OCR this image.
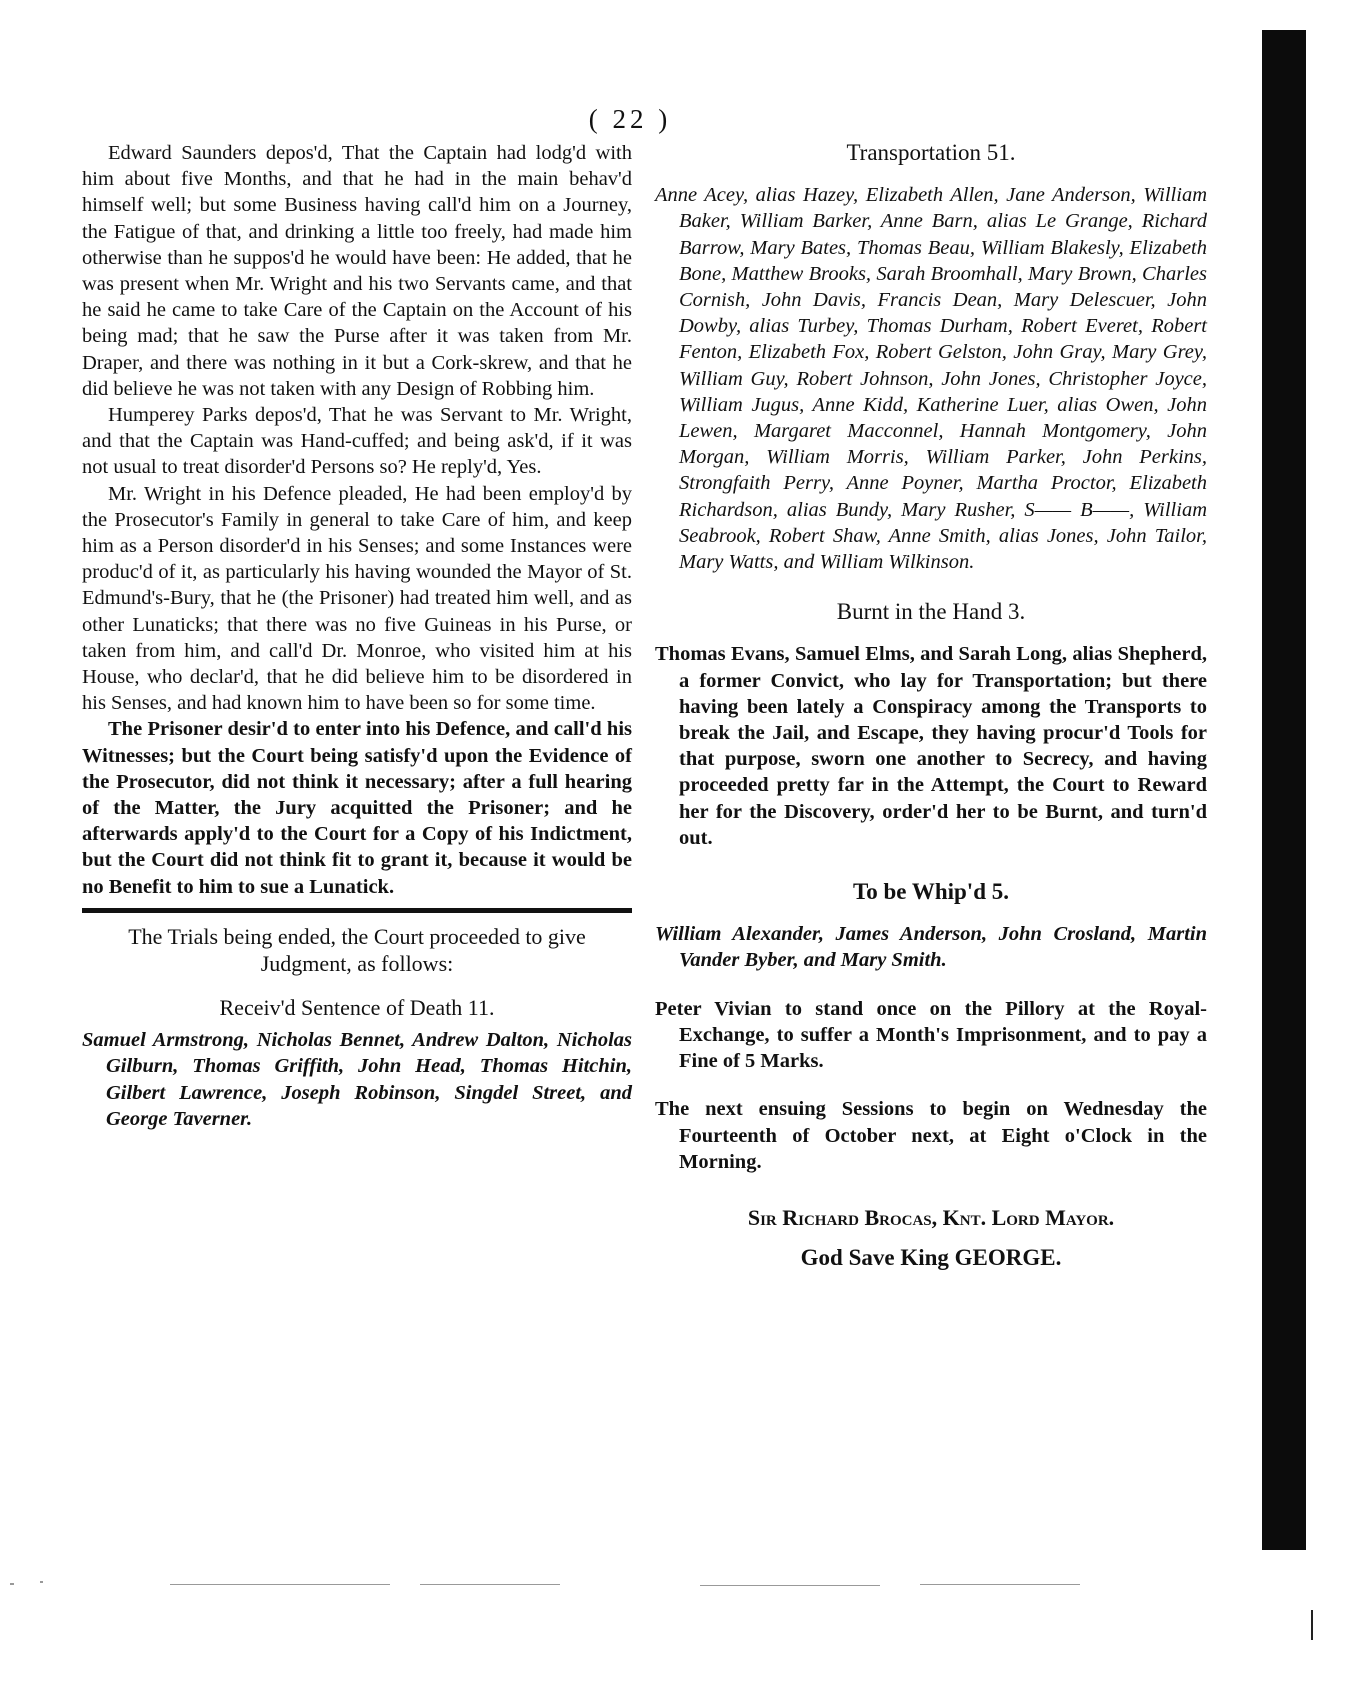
( 22 )

Edward Saunders depos'd, That the Captain had lodg'd with him about five Months, and that he had in the main behav'd himself well; but some Business having call'd him on a Journey, the Fatigue of that, and drinking a little too freely, had made him otherwise than he suppos'd he would have been: He added, that he was present when Mr. Wright and his two Servants came, and that he said he came to take Care of the Captain on the Account of his being mad; that he saw the Purse after it was taken from Mr. Draper, and there was nothing in it but a Cork-skrew, and that he did believe he was not taken with any Design of Robbing him.

Humperey Parks depos'd, That he was Servant to Mr. Wright, and that the Captain was Hand-cuffed; and being ask'd, if it was not usual to treat disorder'd Persons so? He reply'd, Yes.

Mr. Wright in his Defence pleaded, He had been employ'd by the Prosecutor's Family in general to take Care of him, and keep him as a Person disorder'd in his Senses; and some Instances were produc'd of it, as particularly his having wounded the Mayor of St. Edmund's-Bury, that he (the Prisoner) had treated him well, and as other Lunaticks; that there was no five Guineas in his Purse, or taken from him, and call'd Dr. Monroe, who visited him at his House, who declar'd, that he did believe him to be disordered in his Senses, and had known him to have been so for some time.

The Prisoner desir'd to enter into his Defence, and call'd his Witnesses; but the Court being satisfy'd upon the Evidence of the Prosecutor, did not think it necessary; after a full hearing of the Matter, the Jury acquitted the Prisoner; and he afterwards apply'd to the Court for a Copy of his Indictment, but the Court did not think fit to grant it, because it would be no Benefit to him to sue a Lunatick.

The Trials being ended, the Court proceeded to give Judgment, as follows:

Receiv'd Sentence of Death 11.

Samuel Armstrong, Nicholas Bennet, Andrew Dalton, Nicholas Gilburn, Thomas Griffith, John Head, Thomas Hitchin, Gilbert Lawrence, Joseph Robinson, Singdel Street, and George Taverner.

Transportation 51.

Anne Acey, alias Hazey, Elizabeth Allen, Jane Anderson, William Baker, William Barker, Anne Barn, alias Le Grange, Richard Barrow, Mary Bates, Thomas Beau, William Blakesly, Elizabeth Bone, Matthew Brooks, Sarah Broomhall, Mary Brown, Charles Cornish, John Davis, Francis Dean, Mary Delescuer, John Dowby, alias Turbey, Thomas Durham, Robert Everet, Robert Fenton, Elizabeth Fox, Robert Gelston, John Gray, Mary Grey, William Guy, Robert Johnson, John Jones, Christopher Joyce, William Jugus, Anne Kidd, Katherine Luer, alias Owen, John Lewen, Margaret Macconnel, Hannah Montgomery, John Morgan, William Morris, William Parker, John Perkins, Strongfaith Perry, Anne Poyner, Martha Proctor, Elizabeth Richardson, alias Bundy, Mary Rusher, S—— B——, William Seabrook, Robert Shaw, Anne Smith, alias Jones, John Tailor, Mary Watts, and William Wilkinson.

Burnt in the Hand 3.

Thomas Evans, Samuel Elms, and Sarah Long, alias Shepherd, a former Convict, who lay for Transportation; but there having been lately a Conspiracy among the Transports to break the Jail, and Escape, they having procur'd Tools for that purpose, sworn one another to Secrecy, and having proceeded pretty far in the Attempt, the Court to Reward her for the Discovery, order'd her to be Burnt, and turn'd out.

To be Whip'd 5.

William Alexander, James Anderson, John Crosland, Martin Vander Byber, and Mary Smith.

Peter Vivian to stand once on the Pillory at the Royal-Exchange, to suffer a Month's Imprisonment, and to pay a Fine of 5 Marks.

The next ensuing Sessions to begin on Wednesday the Fourteenth of October next, at Eight o'Clock in the Morning.

Sir Richard Brocas, Knt. Lord Mayor.

God Save King GEORGE.
